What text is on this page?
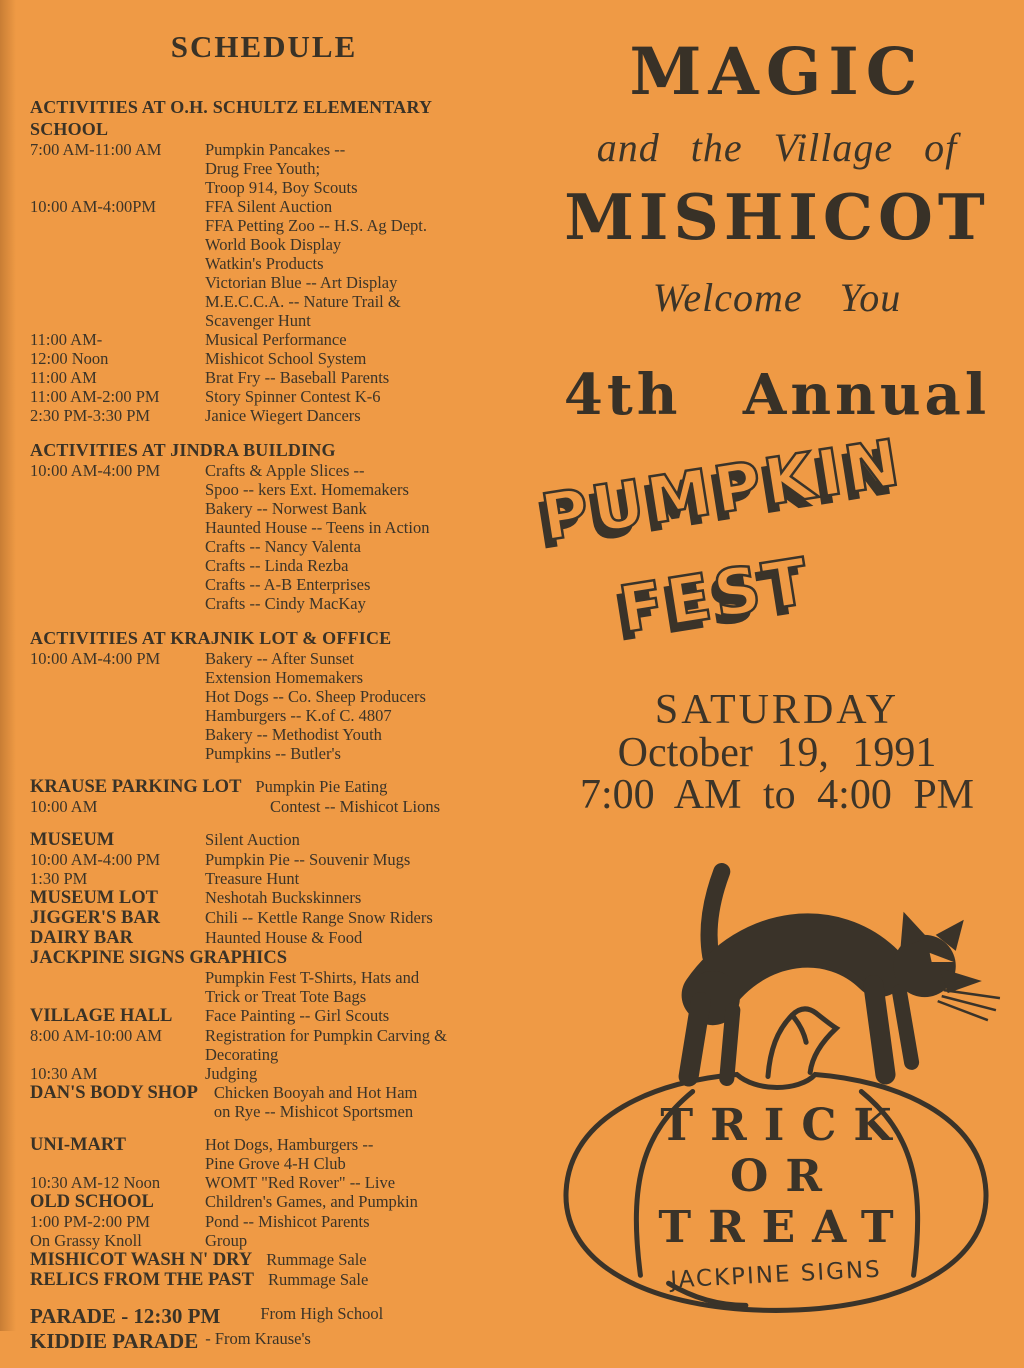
SCHEDULE
ACTIVITIES AT O.H. SCHULTZ ELEMENTARY SCHOOL
7:00 AM-11:00 AM	Pumpkin Pancakes --
Drug Free Youth;
Troop 914, Boy Scouts
10:00 AM-4:00PM	FFA Silent Auction
FFA Petting Zoo -- H.S. Ag Dept.
World Book Display
Watkin's Products
Victorian Blue -- Art Display
M.E.C.C.A. -- Nature Trail &
Scavenger Hunt
11:00 AM-	Musical Performance
12:00 Noon	Mishicot School System
11:00 AM	Brat Fry -- Baseball Parents
11:00 AM-2:00 PM	Story Spinner Contest K-6
2:30 PM-3:30 PM	Janice Wiegert Dancers
ACTIVITIES AT JINDRA BUILDING
10:00 AM-4:00 PM	Crafts & Apple Slices --
Spoo -- kers Ext. Homemakers
Bakery -- Norwest Bank
Haunted House -- Teens in Action
Crafts -- Nancy Valenta
Crafts -- Linda Rezba
Crafts -- A-B Enterprises
Crafts -- Cindy MacKay
ACTIVITIES AT KRAJNIK LOT & OFFICE
10:00 AM-4:00 PM	Bakery -- After Sunset
Extension Homemakers
Hot Dogs -- Co. Sheep Producers
Hamburgers -- K.of C. 4807
Bakery -- Methodist Youth
Pumpkins -- Butler's
KRAUSE PARKING LOT Pumpkin Pie Eating
10:00 AM	Contest -- Mishicot Lions
MUSEUM	Silent Auction
10:00 AM-4:00 PM	Pumpkin Pie -- Souvenir Mugs
1:30 PM	Treasure Hunt
MUSEUM LOT	Neshotah Buckskinners
JIGGER'S BAR	Chili -- Kettle Range Snow Riders
DAIRY BAR	Haunted House & Food
JACKPINE SIGNS GRAPHICS
Pumpkin Fest T-Shirts, Hats and
Trick or Treat Tote Bags
VILLAGE HALL	Face Painting -- Girl Scouts
8:00 AM-10:00 AM	Registration for Pumpkin Carving &
Decorating
10:30 AM	Judging
DAN'S BODY SHOP Chicken Booyah and Hot Ham
on Rye -- Mishicot Sportsmen
UNI-MART	Hot Dogs, Hamburgers --
Pine Grove 4-H Club
10:30 AM-12 Noon	WOMT "Red Rover" -- Live
OLD SCHOOL	Children's Games, and Pumpkin
1:00 PM-2:00 PM	Pond -- Mishicot Parents
On Grassy Knoll	Group
MISHICOT WASH N' DRY Rummage Sale
RELICS FROM THE PAST Rummage Sale
PARADE - 12:30 PM From High School
KIDDIE PARADE - From Krause's
MAGIC
and the Village of
MISHICOT
Welcome You
4th Annual
PUMPKIN
FEST
SATURDAY
October 19, 1991
7:00 AM to 4:00 PM
TRICK
OR
TREAT
JACKPINE SIGNS
